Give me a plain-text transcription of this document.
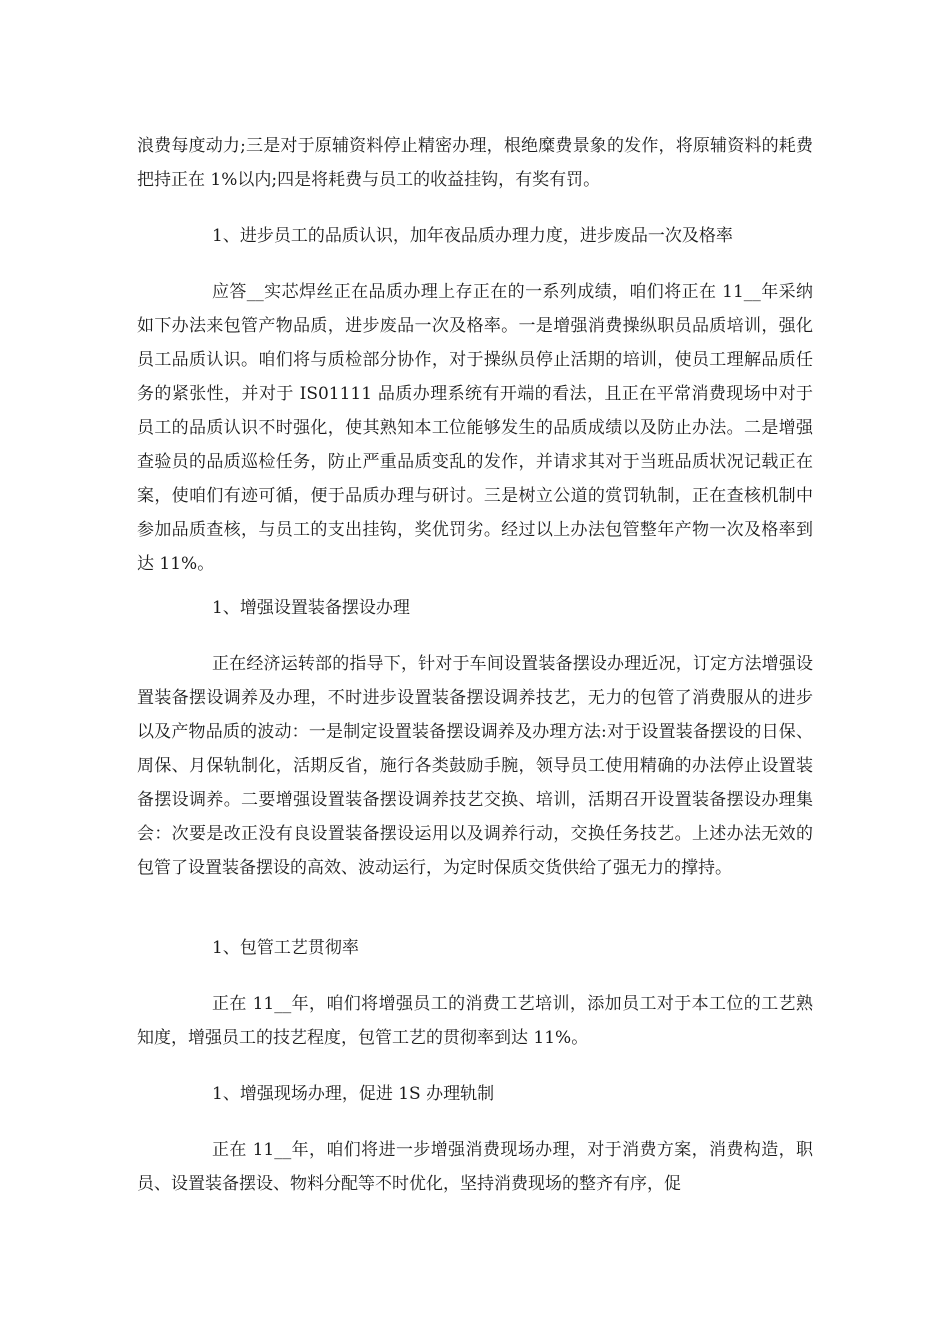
浪费每度动力;三是对于原辅资料停止精密办理，根绝糜费景象的发作，将原辅资料的耗费把持正在 1%以内;四是将耗费与员工的收益挂钩，有奖有罚。

1、进步员工的品质认识，加年夜品质办理力度，进步废品一次及格率

应答__实芯焊丝正在品质办理上存正在的一系列成绩，咱们将正在 11__年采纳如下办法来包管产物品质，进步废品一次及格率。一是增强消费操纵职员品质培训，强化员工品质认识。咱们将与质检部分协作，对于操纵员停止活期的培训，使员工理解品质任务的紧张性，并对于 IS01111 品质办理系统有开端的看法，且正在平常消费现场中对于员工的品质认识不时强化，使其熟知本工位能够发生的品质成绩以及防止办法。二是增强查验员的品质巡检任务，防止严重品质变乱的发作，并请求其对于当班品质状况记载正在案，使咱们有迹可循，便于品质办理与研讨。三是树立公道的赏罚轨制，正在查核机制中参加品质查核，与员工的支出挂钩，奖优罚劣。经过以上办法包管整年产物一次及格率到达 11%。

1、增强设置装备摆设办理

正在经济运转部的指导下，针对于车间设置装备摆设办理近况，订定方法增强设置装备摆设调养及办理，不时进步设置装备摆设调养技艺，无力的包管了消费服从的进步以及产物品质的波动：一是制定设置装备摆设调养及办理方法:对于设置装备摆设的日保、周保、月保轨制化，活期反省，施行各类鼓励手腕，领导员工使用精确的办法停止设置装备摆设调养。二要增强设置装备摆设调养技艺交换、培训，活期召开设置装备摆设办理集会：次要是改正没有良设置装备摆设运用以及调养行动，交换任务技艺。上述办法无效的包管了设置装备摆设的高效、波动运行，为定时保质交货供给了强无力的撑持。

1、包管工艺贯彻率

正在 11__年，咱们将增强员工的消费工艺培训，添加员工对于本工位的工艺熟知度，增强员工的技艺程度，包管工艺的贯彻率到达 11%。

1、增强现场办理，促进 1S 办理轨制

正在 11__年，咱们将进一步增强消费现场办理，对于消费方案，消费构造，职员、设置装备摆设、物料分配等不时优化，坚持消费现场的整齐有序，促
